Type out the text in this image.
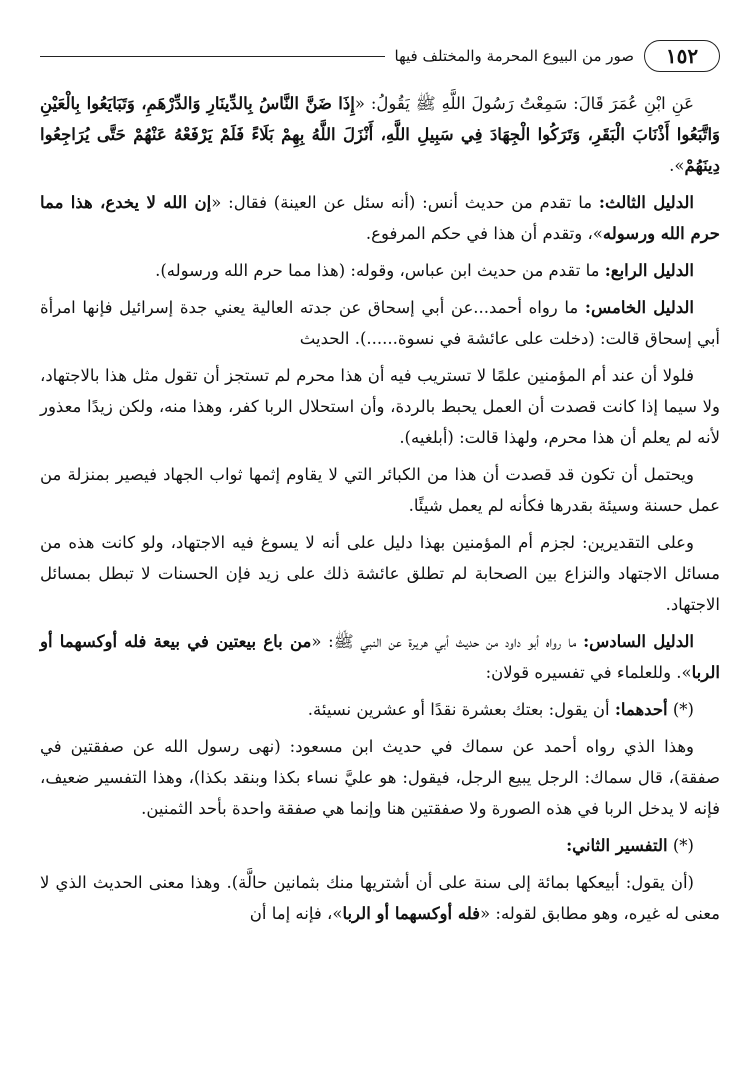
١٥٢
صور من البيوع المحرمة والمختلف فيها

عَنِ ابْنِ عُمَرَ قَالَ: سَمِعْتُ رَسُولَ اللَّهِ ﷺ يَقُولُ: «إِذَا ضَنَّ النَّاسُ بِالدِّينَارِ وَالدِّرْهَمِ، وَتَبَايَعُوا بِالْعَيْنِ وَاتَّبَعُوا أَذْنَابَ الْبَقَرِ، وَتَرَكُوا الْجِهَادَ فِي سَبِيلِ اللَّهِ، أَنْزَلَ اللَّهُ بِهِمْ بَلَاءً فَلَمْ يَرْفَعْهُ عَنْهُمْ حَتَّى يُرَاجِعُوا دِينَهُمْ».

الدليل الثالث: ما تقدم من حديث أنس: (أنه سئل عن العينة) فقال: «إن الله لا يخدع، هذا مما حرم الله ورسوله»، وتقدم أن هذا في حكم المرفوع.

الدليل الرابع: ما تقدم من حديث ابن عباس، وقوله: (هذا مما حرم الله ورسوله).

الدليل الخامس: ما رواه أحمد...عن أبي إسحاق عن جدته العالية يعني جدة إسرائيل فإنها امرأة أبي إسحاق قالت: (دخلت على عائشة في نسوة......). الحديث

فلولا أن عند أم المؤمنين علمًا لا تستريب فيه أن هذا محرم لم تستجز أن تقول مثل هذا بالاجتهاد، ولا سيما إذا كانت قصدت أن العمل يحبط بالردة، وأن استحلال الربا كفر، وهذا منه، ولكن زيدًا معذور لأنه لم يعلم أن هذا محرم، ولهذا قالت: (أبلغيه).

ويحتمل أن تكون قد قصدت أن هذا من الكبائر التي لا يقاوم إثمها ثواب الجهاد فيصير بمنزلة من عمل حسنة وسيئة بقدرها فكأنه لم يعمل شيئًا.

وعلى التقديرين: لجزم أم المؤمنين بهذا دليل على أنه لا يسوغ فيه الاجتهاد، ولو كانت هذه من مسائل الاجتهاد والنزاع بين الصحابة لم تطلق عائشة ذلك على زيد فإن الحسنات لا تبطل بمسائل الاجتهاد.

الدليل السادس: ما رواه أبو داود من حديث أبي هريرة عن النبي ﷺ: «من باع بيعتين في بيعة فله أوكسهما أو الربا». وللعلماء في تفسيره قولان:

(*) أحدهما: أن يقول: بعتك بعشرة نقدًا أو عشرين نسيئة.

وهذا الذي رواه أحمد عن سماك في حديث ابن مسعود: (نهى رسول الله عن صفقتين في صفقة)، قال سماك: الرجل يبيع الرجل، فيقول: هو عليَّ نساء بكذا وبنقد بكذا)، وهذا التفسير ضعيف، فإنه لا يدخل الربا في هذه الصورة ولا صفقتين هنا وإنما هي صفقة واحدة بأحد الثمنين.

(*) التفسير الثاني:

(أن يقول: أبيعكها بمائة إلى سنة على أن أشتريها منك بثمانين حالَّة). وهذا معنى الحديث الذي لا معنى له غيره، وهو مطابق لقوله: «فله أوكسهما أو الربا»، فإنه إما أن
